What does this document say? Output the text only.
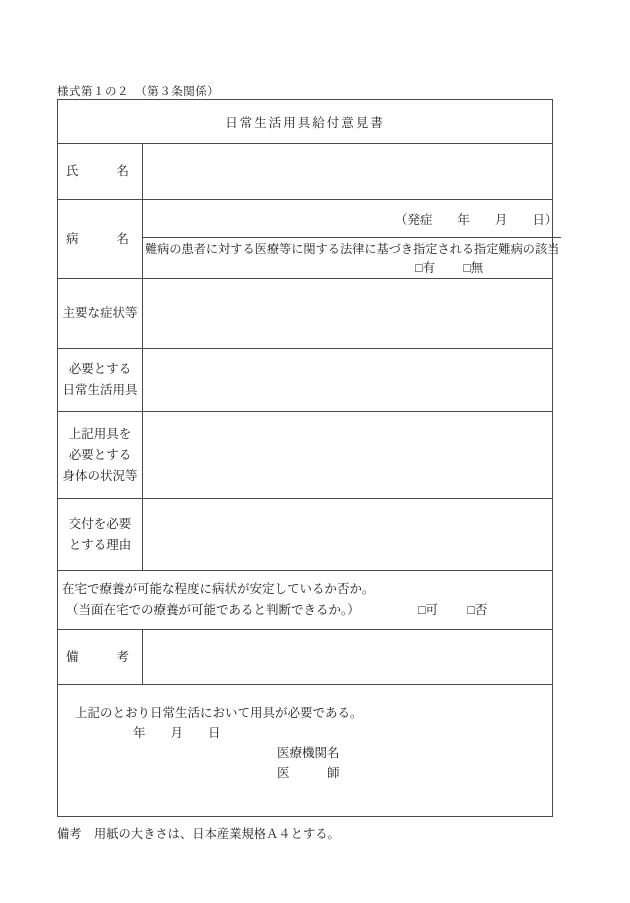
様式第１の２　（第３条関係）
日常生活用具給付意見書
氏	名
病	名
（発症　　年　　月　　日）
難病の患者に対する医療等に関する法律に基づき指定される指定難病の該当
□有 □無
主要な症状等
必要とする
日常生活用具
上記用具を
必要とする
身体の状況等
交付を必要
とする理由
在宅で療養が可能な程度に病状が安定しているか否か。
（当面在宅での療養が可能であると判断できるか。）	□可 □否
備	考
上記のとおり日常生活において用具が必要である。
年　　月　　日
医療機関名
医　　　師
備考　用紙の大きさは、日本産業規格Ａ４とする。
